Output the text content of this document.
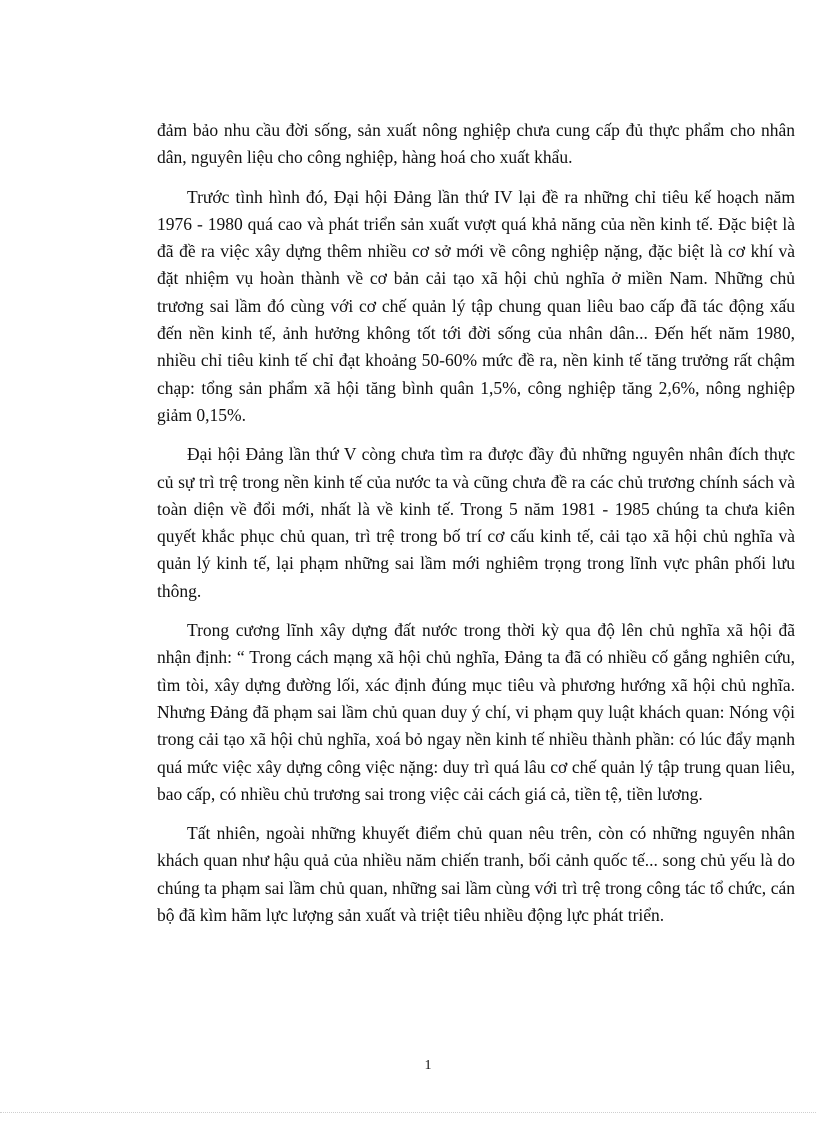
đảm bảo nhu cầu đời sống, sản xuất nông nghiệp chưa cung cấp đủ thực phẩm cho nhân dân, nguyên liệu cho công nghiệp, hàng hoá cho xuất khẩu.

Trước tình hình đó, Đại hội Đảng lần thứ IV lại đề ra những chỉ tiêu kế hoạch năm 1976 - 1980 quá cao và phát triển sản xuất vượt quá khả năng của nền kinh tế. Đặc biệt là đã đề ra việc xây dựng thêm nhiều cơ sở mới về công nghiệp nặng, đặc biệt là cơ khí và đặt nhiệm vụ hoàn thành về cơ bản cải tạo xã hội chủ nghĩa ở miền Nam. Những chủ trương sai lầm đó cùng với cơ chế quản lý tập chung quan liêu bao cấp đã tác động xấu đến nền kinh tế, ảnh hưởng không tốt tới đời sống của nhân dân... Đến hết năm 1980, nhiều chỉ tiêu kinh tế chỉ đạt khoảng 50-60% mức đề ra, nền kinh tế tăng trưởng rất chậm chạp: tổng sản phẩm xã hội tăng bình quân 1,5%, công nghiệp tăng 2,6%, nông nghiệp giảm 0,15%.

Đại hội Đảng lần thứ V còng chưa tìm ra được đầy đủ những nguyên nhân đích thực củ sự trì trệ trong nền kinh tế của nước ta và cũng chưa đề ra các chủ trương chính sách và toàn diện về đổi mới, nhất là về kinh tế. Trong 5 năm 1981 - 1985 chúng ta chưa kiên quyết khắc phục chủ quan, trì trệ trong bố trí cơ cấu kinh tế, cải tạo xã hội chủ nghĩa và quản lý kinh tế, lại phạm những sai lầm mới nghiêm trọng trong lĩnh vực phân phối lưu thông.

Trong cương lĩnh xây dựng đất nước trong thời kỳ qua độ lên chủ nghĩa xã hội đã nhận định: “ Trong cách mạng xã hội chủ nghĩa, Đảng ta đã có nhiều cố gắng nghiên cứu, tìm tòi, xây dựng đường lối, xác định đúng mục tiêu và phương hướng xã hội chủ nghĩa. Nhưng Đảng đã phạm sai lầm chủ quan duy ý chí, vi phạm quy luật khách quan: Nóng vội trong cải tạo xã hội chủ nghĩa, xoá bỏ ngay nền kinh tế nhiều thành phần: có lúc đẩy mạnh quá mức việc xây dựng công việc nặng: duy trì quá lâu cơ chế quản lý tập trung quan liêu, bao cấp, có nhiều chủ trương sai trong việc cải cách giá cả, tiền tệ, tiền lương.

Tất nhiên, ngoài những khuyết điểm chủ quan nêu trên, còn có những nguyên nhân khách quan như hậu quả của nhiều năm chiến tranh, bối cảnh quốc tế... song chủ yếu là do chúng ta phạm sai lầm chủ quan, những sai lầm cùng với trì trệ trong công tác tổ chức, cán bộ đã kìm hãm lực lượng sản xuất và triệt tiêu nhiều động lực phát triển.

1
